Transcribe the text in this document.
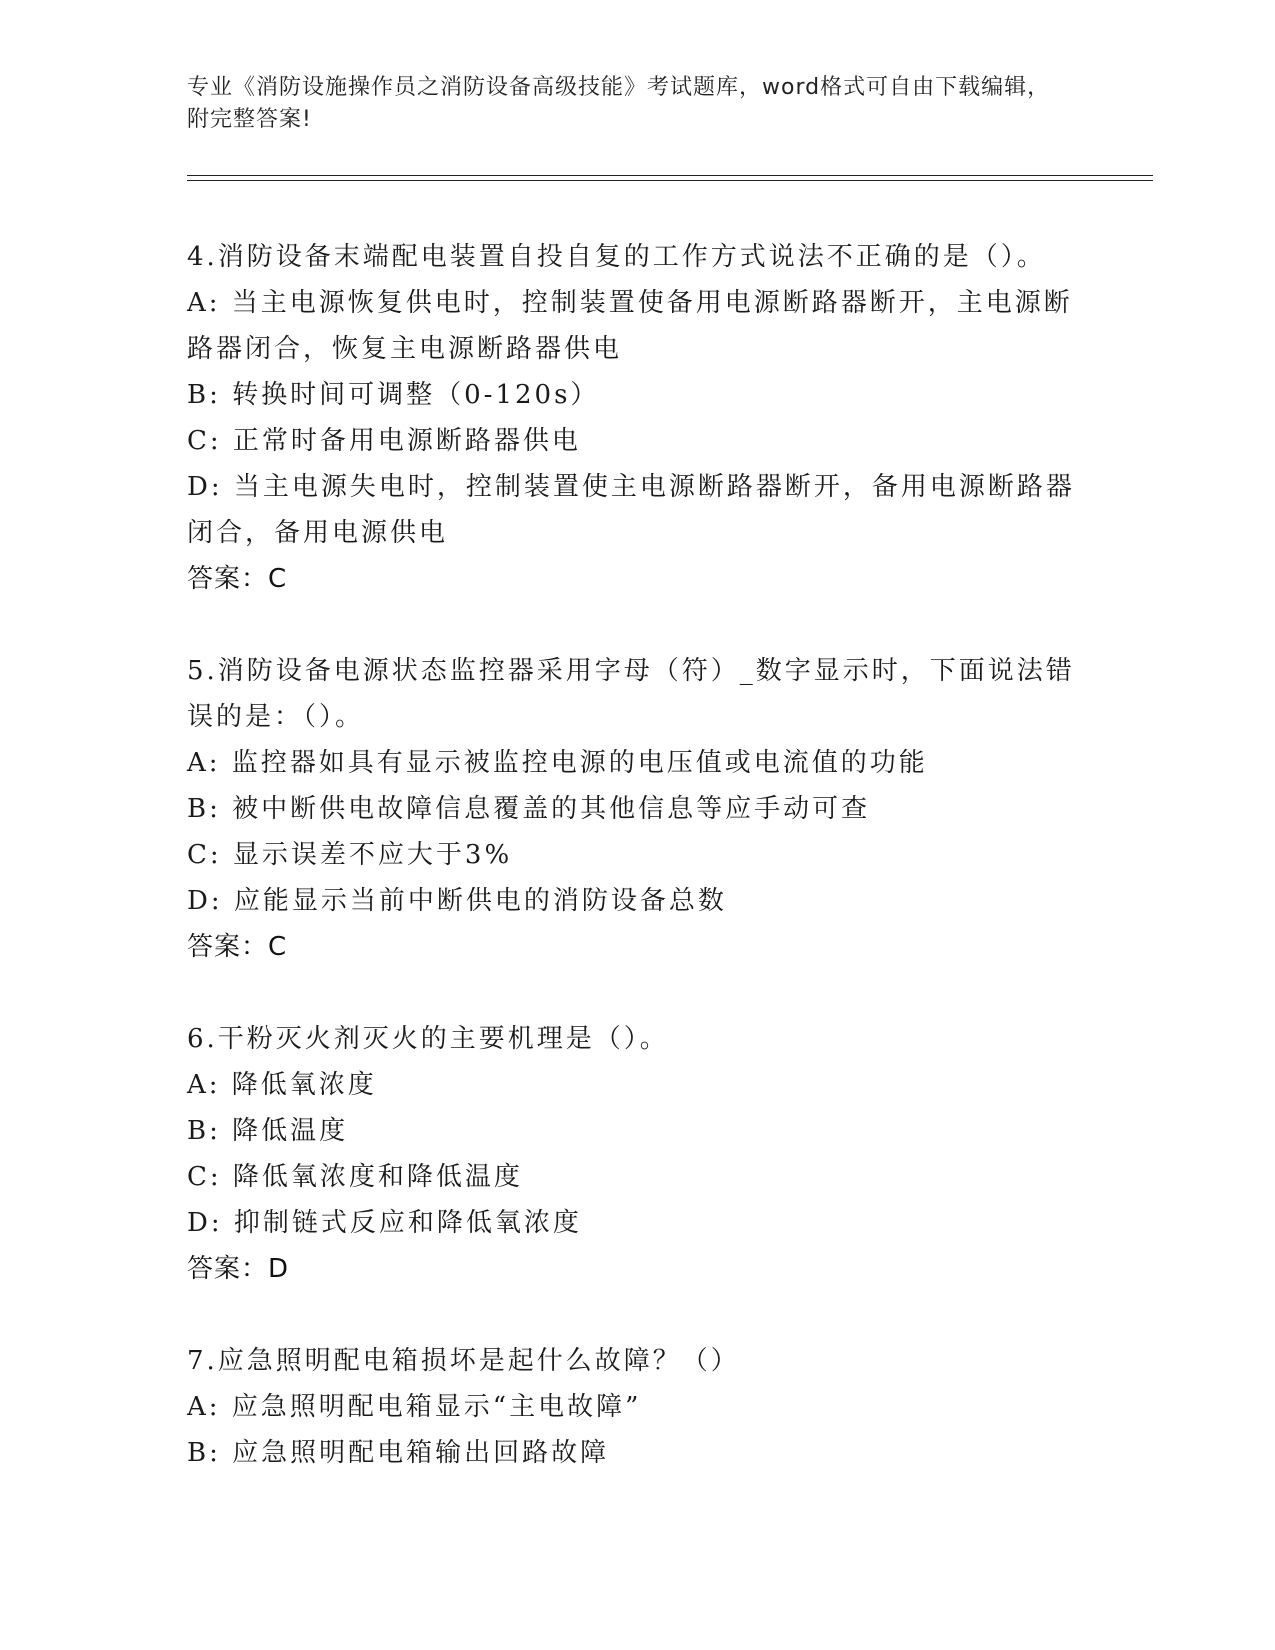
专业《消防设施操作员之消防设备高级技能》考试题库，word格式可自由下载编辑，附完整答案!
4.消防设备末端配电装置自投自复的工作方式说法不正确的是（）。
A: 当主电源恢复供电时，控制装置使备用电源断路器断开，主电源断路器闭合，恢复主电源断路器供电
B: 转换时间可调整（0-120s）
C: 正常时备用电源断路器供电
D: 当主电源失电时，控制装置使主电源断路器断开，备用电源断路器闭合，备用电源供电
答案：C
5.消防设备电源状态监控器采用字母（符）_数字显示时，下面说法错误的是：（）。
A: 监控器如具有显示被监控电源的电压值或电流值的功能
B: 被中断供电故障信息覆盖的其他信息等应手动可查
C: 显示误差不应大于3%
D: 应能显示当前中断供电的消防设备总数
答案：C
6.干粉灭火剂灭火的主要机理是（）。
A: 降低氧浓度
B: 降低温度
C: 降低氧浓度和降低温度
D: 抑制链式反应和降低氧浓度
答案：D
7.应急照明配电箱损坏是起什么故障？（）
A: 应急照明配电箱显示“主电故障”
B: 应急照明配电箱输出回路故障
